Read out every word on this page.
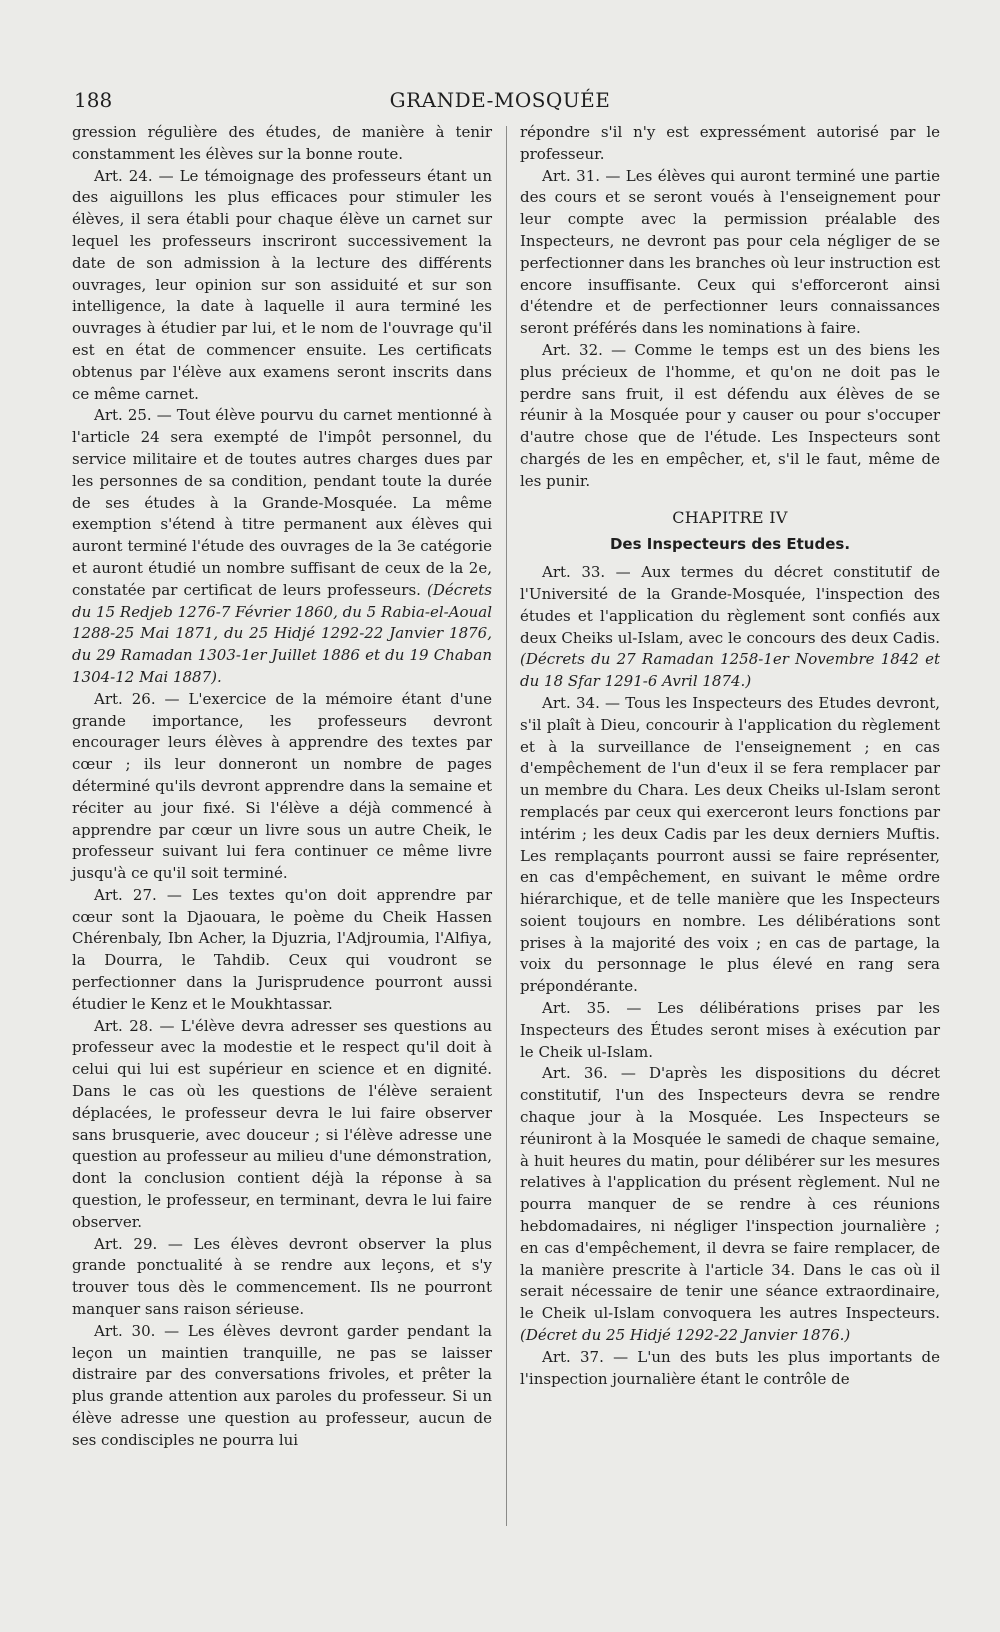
188	GRANDE-MOSQUÉE

gression régulière des études, de manière à tenir constamment les élèves sur la bonne route.

Art. 24. — Le témoignage des professeurs étant un des aiguillons les plus efficaces pour stimuler les élèves, il sera établi pour chaque élève un carnet sur lequel les professeurs inscriront successivement la date de son admission à la lecture des différents ouvrages, leur opinion sur son assiduité et sur son intelligence, la date à laquelle il aura terminé les ouvrages à étudier par lui, et le nom de l'ouvrage qu'il est en état de commencer ensuite. Les certificats obtenus par l'élève aux examens seront inscrits dans ce même carnet.

Art. 25. — Tout élève pourvu du carnet mentionné à l'article 24 sera exempté de l'impôt personnel, du service militaire et de toutes autres charges dues par les personnes de sa condition, pendant toute la durée de ses études à la Grande-Mosquée. La même exemption s'étend à titre permanent aux élèves qui auront terminé l'étude des ouvrages de la 3e catégorie et auront étudié un nombre suffisant de ceux de la 2e, constatée par certificat de leurs professeurs. (Décrets du 15 Redjeb 1276-7 Février 1860, du 5 Rabia-el-Aoual 1288-25 Mai 1871, du 25 Hidjé 1292-22 Janvier 1876, du 29 Ramadan 1303-1er Juillet 1886 et du 19 Chaban 1304-12 Mai 1887).

Art. 26. — L'exercice de la mémoire étant d'une grande importance, les professeurs devront encourager leurs élèves à apprendre des textes par cœur ; ils leur donneront un nombre de pages déterminé qu'ils devront apprendre dans la semaine et réciter au jour fixé. Si l'élève a déjà commencé à apprendre par cœur un livre sous un autre Cheik, le professeur suivant lui fera continuer ce même livre jusqu'à ce qu'il soit terminé.

Art. 27. — Les textes qu'on doit apprendre par cœur sont la Djaouara, le poème du Cheik Hassen Chérenbaly, Ibn Acher, la Djuzria, l'Adjroumia, l'Alfiya, la Dourra, le Tahdib. Ceux qui voudront se perfectionner dans la Jurisprudence pourront aussi étudier le Kenz et le Moukhtassar.

Art. 28. — L'élève devra adresser ses questions au professeur avec la modestie et le respect qu'il doit à celui qui lui est supérieur en science et en dignité. Dans le cas où les questions de l'élève seraient déplacées, le professeur devra le lui faire observer sans brusquerie, avec douceur ; si l'élève adresse une question au professeur au milieu d'une démonstration, dont la conclusion contient déjà la réponse à sa question, le professeur, en terminant, devra le lui faire observer.

Art. 29. — Les élèves devront observer la plus grande ponctualité à se rendre aux leçons, et s'y trouver tous dès le commencement. Ils ne pourront manquer sans raison sérieuse.

Art. 30. — Les élèves devront garder pendant la leçon un maintien tranquille, ne pas se laisser distraire par des conversations frivoles, et prêter la plus grande attention aux paroles du professeur. Si un élève adresse une question au professeur, aucun de ses condisciples ne pourra lui

répondre s'il n'y est expressément autorisé par le professeur.

Art. 31. — Les élèves qui auront terminé une partie des cours et se seront voués à l'enseignement pour leur compte avec la permission préalable des Inspecteurs, ne devront pas pour cela négliger de se perfectionner dans les branches où leur instruction est encore insuffisante. Ceux qui s'efforceront ainsi d'étendre et de perfectionner leurs connaissances seront préférés dans les nominations à faire.

Art. 32. — Comme le temps est un des biens les plus précieux de l'homme, et qu'on ne doit pas le perdre sans fruit, il est défendu aux élèves de se réunir à la Mosquée pour y causer ou pour s'occuper d'autre chose que de l'étude. Les Inspecteurs sont chargés de les en empêcher, et, s'il le faut, même de les punir.

CHAPITRE IV

Des Inspecteurs des Etudes.

Art. 33. — Aux termes du décret constitutif de l'Université de la Grande-Mosquée, l'inspection des études et l'application du règlement sont confiés aux deux Cheiks ul-Islam, avec le concours des deux Cadis. (Décrets du 27 Ramadan 1258-1er Novembre 1842 et du 18 Sfar 1291-6 Avril 1874.)

Art. 34. — Tous les Inspecteurs des Etudes devront, s'il plaît à Dieu, concourir à l'application du règlement et à la surveillance de l'enseignement ; en cas d'empêchement de l'un d'eux il se fera remplacer par un membre du Chara. Les deux Cheiks ul-Islam seront remplacés par ceux qui exerceront leurs fonctions par intérim ; les deux Cadis par les deux derniers Muftis. Les remplaçants pourront aussi se faire représenter, en cas d'empêchement, en suivant le même ordre hiérarchique, et de telle manière que les Inspecteurs soient toujours en nombre. Les délibérations sont prises à la majorité des voix ; en cas de partage, la voix du personnage le plus élevé en rang sera prépondérante.

Art. 35. — Les délibérations prises par les Inspecteurs des Études seront mises à exécution par le Cheik ul-Islam.

Art. 36. — D'après les dispositions du décret constitutif, l'un des Inspecteurs devra se rendre chaque jour à la Mosquée. Les Inspecteurs se réuniront à la Mosquée le samedi de chaque semaine, à huit heures du matin, pour délibérer sur les mesures relatives à l'application du présent règlement. Nul ne pourra manquer de se rendre à ces réunions hebdomadaires, ni négliger l'inspection journalière ; en cas d'empêchement, il devra se faire remplacer, de la manière prescrite à l'article 34. Dans le cas où il serait nécessaire de tenir une séance extraordinaire, le Cheik ul-Islam convoquera les autres Inspecteurs. (Décret du 25 Hidjé 1292-22 Janvier 1876.)

Art. 37. — L'un des buts les plus importants de l'inspection journalière étant le contrôle de
